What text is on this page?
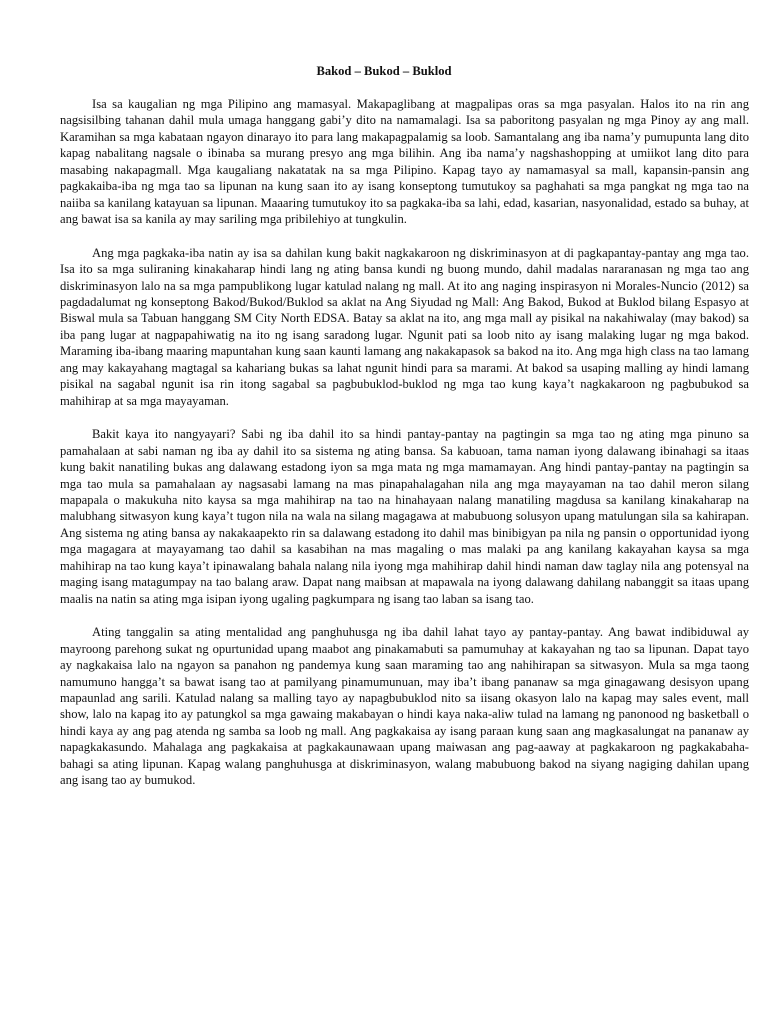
Bakod – Bukod – Buklod

Isa sa kaugalian ng mga Pilipino ang mamasyal. Makapaglibang at magpalipas oras sa mga pasyalan. Halos ito na rin ang nagsisilbing tahanan dahil mula umaga hanggang gabi’y dito na namamalagi. Isa sa paboritong pasyalan ng mga Pinoy ay ang mall. Karamihan sa mga kabataan ngayon dinarayo ito para lang makapagpalamig sa loob. Samantalang ang iba nama’y pumupunta lang dito kapag nabalitang nagsale o ibinaba sa murang presyo ang mga bilihin. Ang iba nama’y nagshashopping at umiikot lang dito para masabing nakapagmall. Mga kaugaliang nakatatak na sa mga Pilipino. Kapag tayo ay namamasyal sa mall, kapansin-pansin ang pagkakaiba-iba ng mga tao sa lipunan na kung saan ito ay isang konseptong tumutukoy sa paghahati sa mga pangkat ng mga tao na naiiba sa kanilang katayuan sa lipunan. Maaaring tumutukoy ito sa pagkaka-iba sa lahi, edad, kasarian, nasyonalidad, estado sa buhay, at ang bawat isa sa kanila ay may sariling mga pribilehiyo at tungkulin.

Ang mga pagkaka-iba natin ay isa sa dahilan kung bakit nagkakaroon ng diskriminasyon at di pagkapantay-pantay ang mga tao. Isa ito sa mga suliraning kinakaharap hindi lang ng ating bansa kundi ng buong mundo, dahil madalas nararanasan ng mga tao ang diskriminasyon lalo na sa mga pampublikong lugar katulad nalang ng mall. At ito ang naging inspirasyon ni Morales-Nuncio (2012) sa pagdadalumat ng konseptong Bakod/Bukod/Buklod sa aklat na Ang Siyudad ng Mall: Ang Bakod, Bukod at Buklod bilang Espasyo at Biswal mula sa Tabuan hanggang SM City North EDSA. Batay sa aklat na ito, ang mga mall ay pisikal na nakahiwalay (may bakod) sa iba pang lugar at nagpapahiwatig na ito ng isang saradong lugar. Ngunit pati sa loob nito ay isang malaking lugar ng mga bakod. Maraming iba-ibang maaring mapuntahan kung saan kaunti lamang ang nakakapasok sa bakod na ito. Ang mga high class na tao lamang ang may kakayahang magtagal sa kahariang bukas sa lahat ngunit hindi para sa marami. At bakod sa usaping malling ay hindi lamang pisikal na sagabal ngunit isa rin itong sagabal sa pagbubuklod-buklod ng mga tao kung kaya’t nagkakaroon ng pagbubukod sa mahihirap at sa mga mayayaman.

Bakit kaya ito nangyayari? Sabi ng iba dahil ito sa hindi pantay-pantay na pagtingin sa mga tao ng ating mga pinuno sa pamahalaan at sabi naman ng iba ay dahil ito sa sistema ng ating bansa. Sa kabuoan, tama naman iyong dalawang ibinahagi sa itaas kung bakit nanatiling bukas ang dalawang estadong iyon sa mga mata ng mga mamamayan. Ang hindi pantay-pantay na pagtingin sa mga tao mula sa pamahalaan ay nagsasabi lamang na mas pinapahalagahan nila ang mga mayayaman na tao dahil meron silang mapapala o makukuha nito kaysa sa mga mahihirap na tao na hinahayaan nalang manatiling magdusa sa kanilang kinakaharap na malubhang sitwasyon kung kaya’t tugon nila na wala na silang magagawa at mabubuong solusyon upang matulungan sila sa kahirapan. Ang sistema ng ating bansa ay nakakaapekto rin sa dalawang estadong ito dahil mas binibigyan pa nila ng pansin o opportunidad iyong mga magagara at mayayamang tao dahil sa kasabihan na mas magaling o mas malaki pa ang kanilang kakayahan kaysa sa mga mahihirap na tao kung kaya’t ipinawalang bahala nalang nila iyong mga mahihirap dahil hindi naman daw taglay nila ang potensyal na maging isang matagumpay na tao balang araw. Dapat nang maibsan at mapawala na iyong dalawang dahilang nabanggit sa itaas upang maalis na natin sa ating mga isipan iyong ugaling pagkumpara ng isang tao laban sa isang tao.

Ating tanggalin sa ating mentalidad ang panghuhusga ng iba dahil lahat tayo ay pantay-pantay. Ang bawat indibiduwal ay mayroong parehong sukat ng opurtunidad upang maabot ang pinakamabuti sa pamumuhay at kakayahan ng tao sa lipunan. Dapat tayo ay nagkakaisa lalo na ngayon sa panahon ng pandemya kung saan maraming tao ang nahihirapan sa sitwasyon. Mula sa mga taong namumuno hangga’t sa bawat isang tao at pamilyang pinamumunuan, may iba’t ibang pananaw sa mga ginagawang desisyon upang mapaunlad ang sarili. Katulad nalang sa malling tayo ay napagbubuklod nito sa iisang okasyon lalo na kapag may sales event, mall show, lalo na kapag ito ay patungkol sa mga gawaing makabayan o hindi kaya naka-aliw tulad na lamang ng panonood ng basketball o hindi kaya ay ang pag atenda ng samba sa loob ng mall. Ang pagkakaisa ay isang paraan kung saan ang magkasalungat na pananaw ay napagkakasundo. Mahalaga ang pagkakaisa at pagkakaunawaan upang maiwasan ang pag-aaway at pagkakaroon ng pagkakabaha-bahagi sa ating lipunan. Kapag walang panghuhusga at diskriminasyon, walang mabubuong bakod na siyang nagiging dahilan upang ang isang tao ay bumukod.
